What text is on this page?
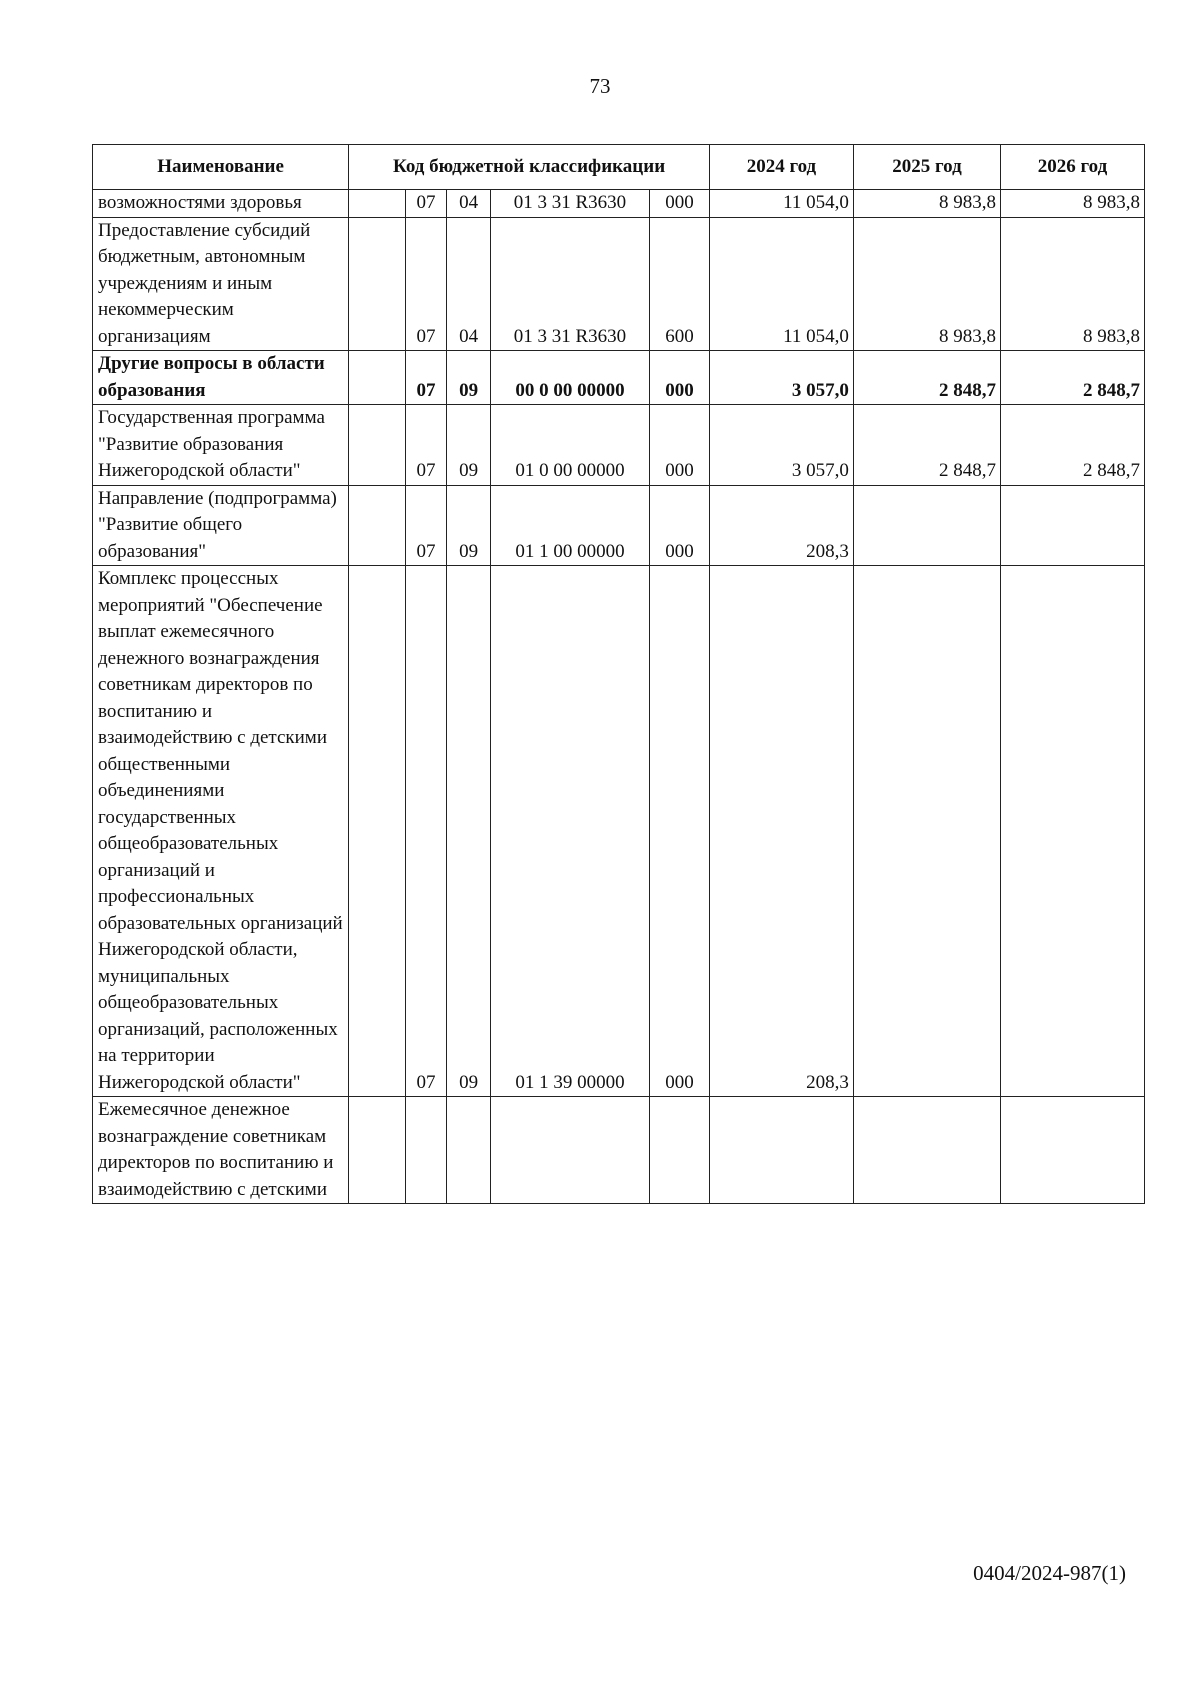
73
Наименование	Код бюджетной классификации					2024 год	2025 год	2026 год
возможностями здоровья		07	04	01 3 31 R3630	000	11 054,0	8 983,8	8 983,8
Предоставление субсидий бюджетным, автономным учреждениям и иным некоммерческим организациям		07	04	01 3 31 R3630	600	11 054,0	8 983,8	8 983,8
Другие вопросы в области образования		07	09	00 0 00 00000	000	3 057,0	2 848,7	2 848,7
Государственная программа "Развитие образования Нижегородской области"		07	09	01 0 00 00000	000	3 057,0	2 848,7	2 848,7
Направление (подпрограмма) "Развитие общего образования"		07	09	01 1 00 00000	000	208,3		
Комплекс процессных мероприятий "Обеспечение выплат ежемесячного денежного вознаграждения советникам директоров по воспитанию и взаимодействию с детскими общественными объединениями государственных общеобразовательных организаций и профессиональных образовательных организаций Нижегородской области, муниципальных общеобразовательных организаций, расположенных на территории Нижегородской области"		07	09	01 1 39 00000	000	208,3		
Ежемесячное денежное вознаграждение советникам директоров по воспитанию и взаимодействию с детскими								
0404/2024-987(1)
